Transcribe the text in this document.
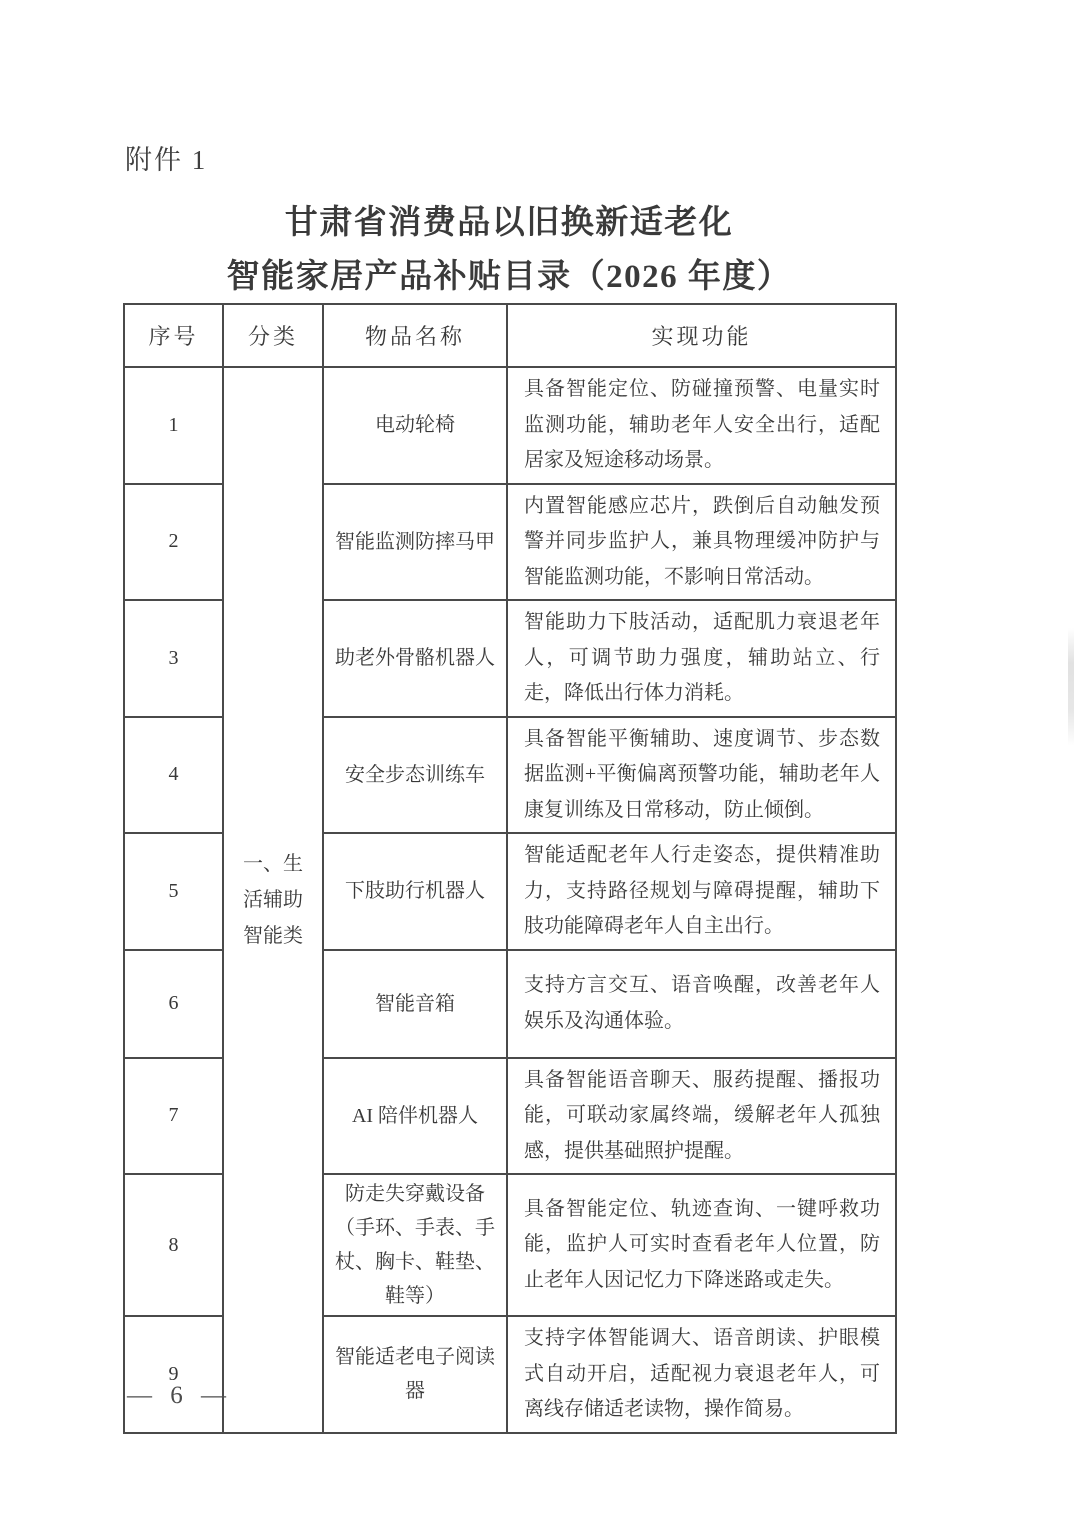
附件 1
甘肃省消费品以旧换新适老化
智能家居产品补贴目录（2026 年度）
序号	分类	物品名称	实现功能
1	一、生活辅助智能类	电动轮椅	具备智能定位、防碰撞预警、电量实时监测功能，辅助老年人安全出行，适配居家及短途移动场景。
2		智能监测防摔马甲	内置智能感应芯片，跌倒后自动触发预警并同步监护人，兼具物理缓冲防护与智能监测功能，不影响日常活动。
3		助老外骨骼机器人	智能助力下肢活动，适配肌力衰退老年人，可调节助力强度，辅助站立、行走，降低出行体力消耗。
4		安全步态训练车	具备智能平衡辅助、速度调节、步态数据监测+平衡偏离预警功能，辅助老年人康复训练及日常移动，防止倾倒。
5		下肢助行机器人	智能适配老年人行走姿态，提供精准助力，支持路径规划与障碍提醒，辅助下肢功能障碍老年人自主出行。
6		智能音箱	支持方言交互、语音唤醒，改善老年人娱乐及沟通体验。
7		AI 陪伴机器人	具备智能语音聊天、服药提醒、播报功能，可联动家属终端，缓解老年人孤独感，提供基础照护提醒。
8		防走失穿戴设备（手环、手表、手杖、胸卡、鞋垫、鞋等）	具备智能定位、轨迹查询、一键呼救功能，监护人可实时查看老年人位置，防止老年人因记忆力下降迷路或走失。
9		智能适老电子阅读器	支持字体智能调大、语音朗读、护眼模式自动开启，适配视力衰退老年人，可离线存储适老读物，操作简易。
— 6 —
